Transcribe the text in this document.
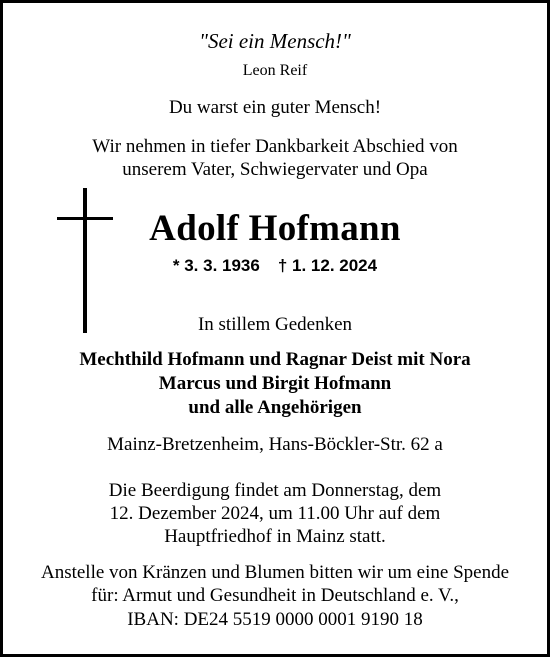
"Sei ein Mensch!"

Leon Reif

Du warst ein guter Mensch!

Wir nehmen in tiefer Dankbarkeit Abschied von

unserem Vater, Schwiegervater und Opa

Adolf Hofmann

* 3. 3. 1936 † 1. 12. 2024

In stillem Gedenken

Mechthild Hofmann und Ragnar Deist mit Nora

Marcus und Birgit Hofmann

und alle Angehörigen

Mainz-Bretzenheim, Hans-Böckler-Str. 62 a

Die Beerdigung findet am Donnerstag, dem

12. Dezember 2024, um 11.00 Uhr auf dem

Hauptfriedhof in Mainz statt.

Anstelle von Kränzen und Blumen bitten wir um eine Spende

für: Armut und Gesundheit in Deutschland e. V.,

IBAN: DE24 5519 0000 0001 9190 18
